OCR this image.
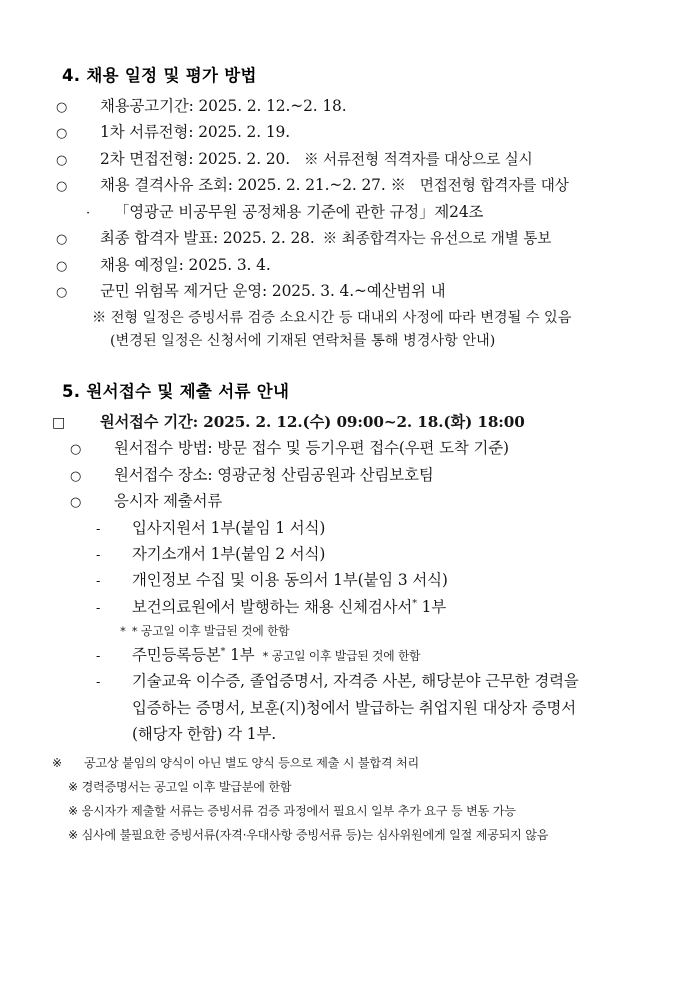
4. 채용 일정 및 평가 방법

○ 채용공고기간: 2025. 2. 12.~2. 18.

○ 1차 서류전형: 2025. 2. 19.

○ 2차 면접전형: 2025. 2. 20. ※ 서류전형 적격자를 대상으로 실시

○ 채용 결격사유 조회: 2025. 2. 21.~2. 27. ※ 면접전형 합격자를 대상

· 「영광군 비공무원 공정채용 기준에 관한 규정」제24조

○ 최종 합격자 발표: 2025. 2. 28. ※ 최종합격자는 유선으로 개별 통보

○ 채용 예정일: 2025. 3. 4.

○ 군민 위험목 제거단 운영: 2025. 3. 4.~예산범위 내

※ 전형 일정은 증빙서류 검증 소요시간 등 대내외 사정에 따라 변경될 수 있음

(변경된 일정은 신청서에 기재된 연락처를 통해 병경사항 안내)

5. 원서접수 및 제출 서류 안내

□ 원서접수 기간: 2025. 2. 12.(수) 09:00~2. 18.(화) 18:00

○ 원서접수 방법: 방문 접수 및 등기우편 접수(우편 도착 기준)

○ 원서접수 장소: 영광군청 산림공원과 산림보호팀

○ 응시자 제출서류

- 입사지원서 1부(붙임 1 서식)

- 자기소개서 1부(붙임 2 서식)

- 개인정보 수집 및 이용 동의서 1부(붙임 3 서식)

- 보건의료원에서 발행하는 채용 신체검사서* 1부

* * 공고일 이후 발급된 것에 한함

- 주민등록등본* 1부 * 공고일 이후 발급된 것에 한함

- 기술교육 이수증, 졸업증명서, 자격증 사본, 해당분야 근무한 경력을

입증하는 증명서, 보훈(지)청에서 발급하는 취업지원 대상자 증명서

(해당자 한함) 각 1부.

※ 공고상 붙임의 양식이 아닌 별도 양식 등으로 제출 시 불합격 처리

※ 경력증명서는 공고일 이후 발급분에 한함

※ 응시자가 제출할 서류는 증빙서류 검증 과정에서 필요시 일부 추가 요구 등 변동 가능

※ 심사에 불필요한 증빙서류(자격·우대사항 증빙서류 등)는 심사위원에게 일절 제공되지 않음
